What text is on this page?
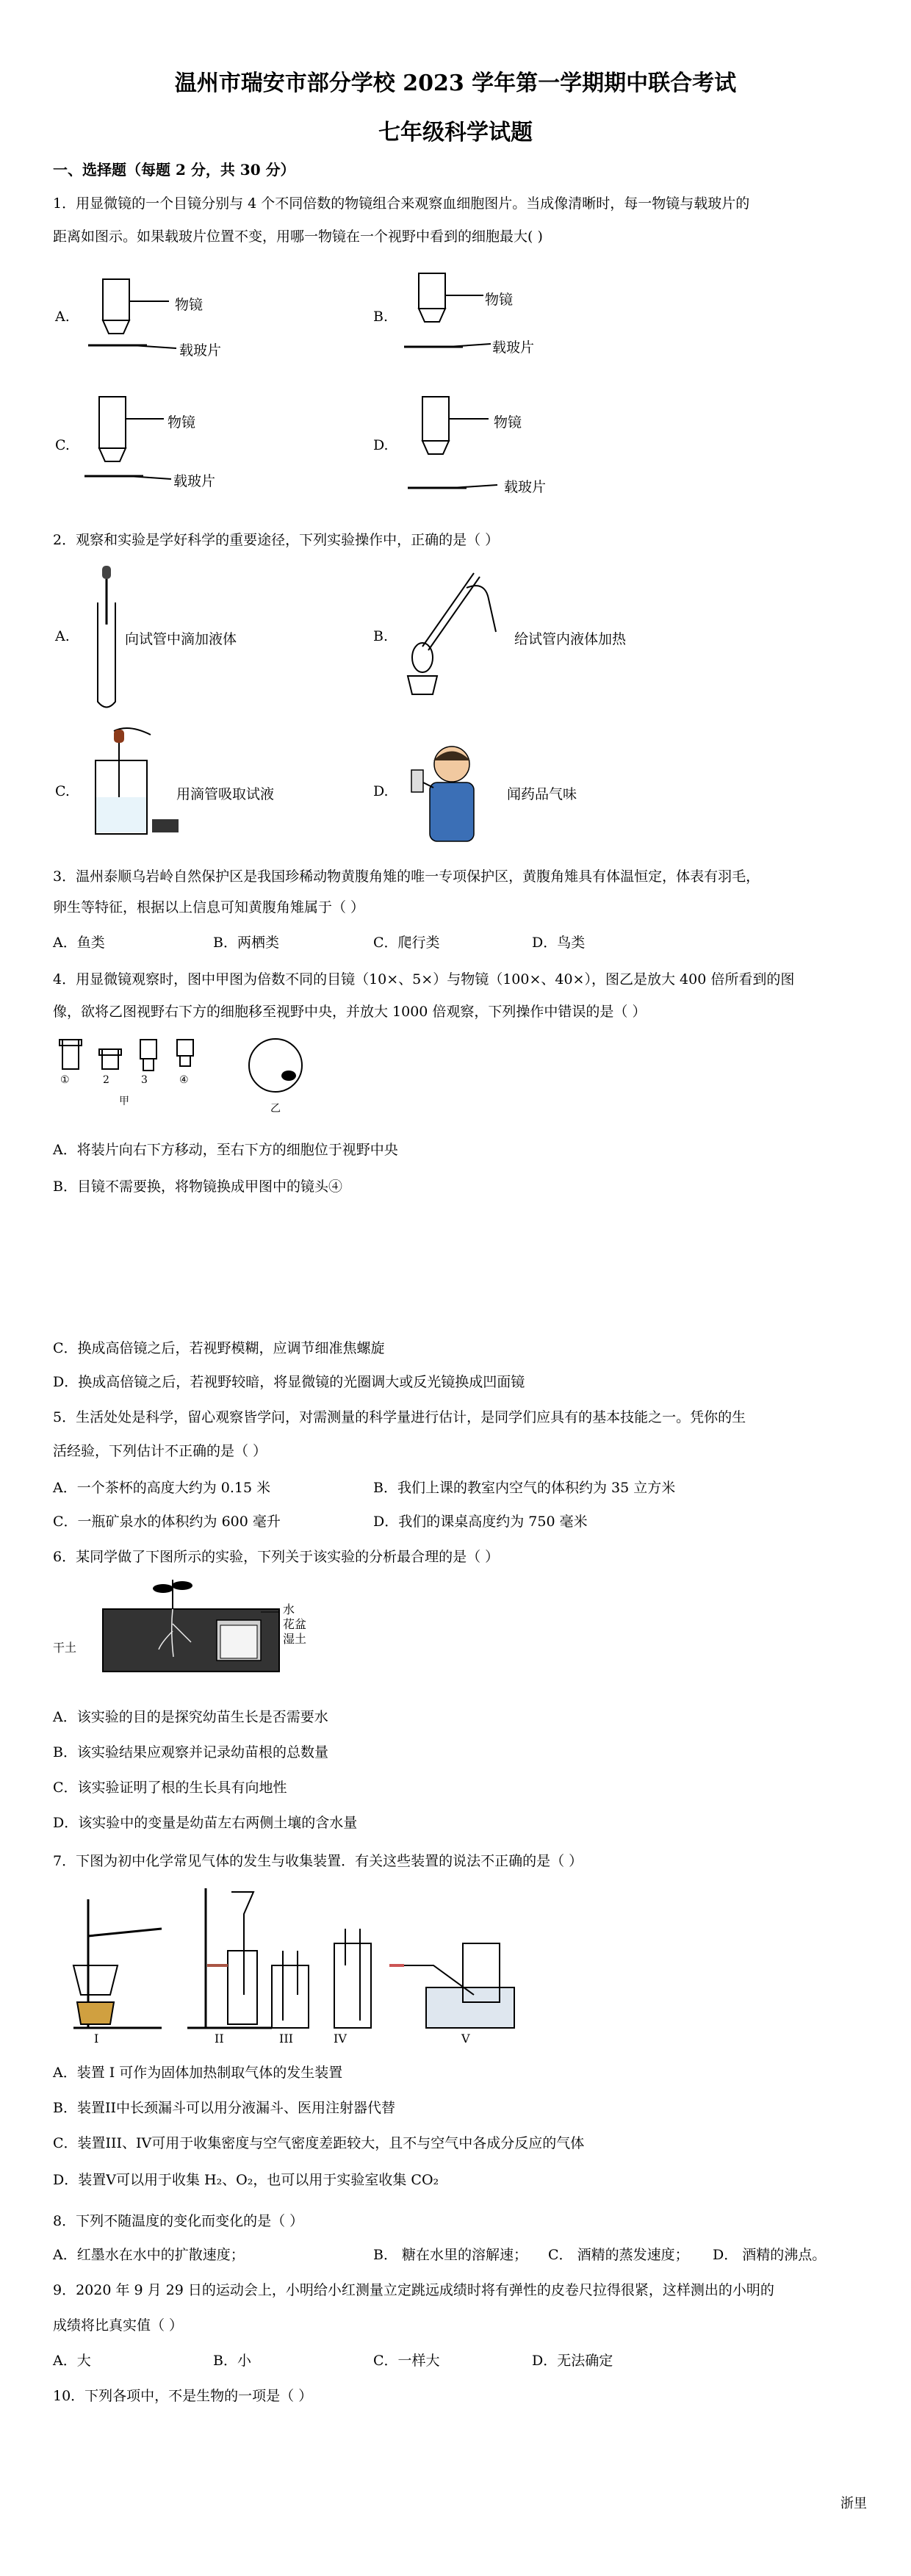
温州市瑞安市部分学校 2023 学年第一学期期中联合考试
七年级科学试题
一、选择题（每题 2 分，共 30 分）
1．用显微镜的一个目镜分别与 4 个不同倍数的物镜组合来观察血细胞图片。当成像清晰时，每一物镜与载玻片的
距离如图示。如果载玻片位置不变，用哪一物镜在一个视野中看到的细胞最大( )
A.
物镜
载玻片
B.
物镜
载玻片
C.
物镜
载玻片
D.
物镜
载玻片
2．观察和实验是学好科学的重要途径，下列实验操作中，正确的是（ ）
A.	向试管中滴加液体	B.	给试管内液体加热
C.	用滴管吸取试液	D.	闻药品气味
3．温州泰顺乌岩岭自然保护区是我国珍稀动物黄腹角雉的唯一专项保护区，黄腹角雉具有体温恒定，体表有羽毛，
卵生等特征，根据以上信息可知黄腹角雉属于（ ）
A．鱼类	B．两栖类	C．爬行类	D．鸟类
4．用显微镜观察时，图中甲图为倍数不同的目镜（10×、5×）与物镜（100×、40×），图乙是放大 400 倍所看到的图
像，欲将乙图视野右下方的细胞移至视野中央，并放大 1000 倍观察，下列操作中错误的是（ ）
①	2	3	④
甲
乙
A．将装片向右下方移动，至右下方的细胞位于视野中央
B．目镜不需要换，将物镜换成甲图中的镜头④
C．换成高倍镜之后，若视野模糊，应调节细准焦螺旋
D．换成高倍镜之后，若视野较暗，将显微镜的光圈调大或反光镜换成凹面镜
5．生活处处是科学，留心观察皆学问，对需测量的科学量进行估计，是同学们应具有的基本技能之一。凭你的生
活经验，下列估计不正确的是（ ）
A．一个茶杯的高度大约为 0.15 米	B．我们上课的教室内空气的体积约为 35 立方米
C．一瓶矿泉水的体积约为 600 毫升	D．我们的课桌高度约为 750 毫米
6．某同学做了下图所示的实验，下列关于该实验的分析最合理的是（ ）
干土
水
花盆
湿土
A．该实验的目的是探究幼苗生长是否需要水
B．该实验结果应观察并记录幼苗根的总数量
C．该实验证明了根的生长具有向地性
D．该实验中的变量是幼苗左右两侧土壤的含水量
7．下图为初中化学常见气体的发生与收集装置．有关这些装置的说法不正确的是（ ）
I	II	III	IV	V
A．装置 I 可作为固体加热制取气体的发生装置
B．装置II中长颈漏斗可以用分液漏斗、医用注射器代替
C．装置III、IV可用于收集密度与空气密度差距较大，且不与空气中各成分反应的气体
D．装置V可以用于收集 H₂、O₂，也可以用于实验室收集 CO₂
8．下列不随温度的变化而变化的是（ ）
A．红墨水在水中的扩散速度；	B． 糖在水里的溶解速； C． 酒精的蒸发速度； D． 酒精的沸点。
9．2020 年 9 月 29 日的运动会上，小明给小红测量立定跳远成绩时将有弹性的皮卷尺拉得很紧，这样测出的小明的
成绩将比真实值（ ）
A．大	B．小	C．一样大	D．无法确定
10．下列各项中，不是生物的一项是（ ）
浙里
